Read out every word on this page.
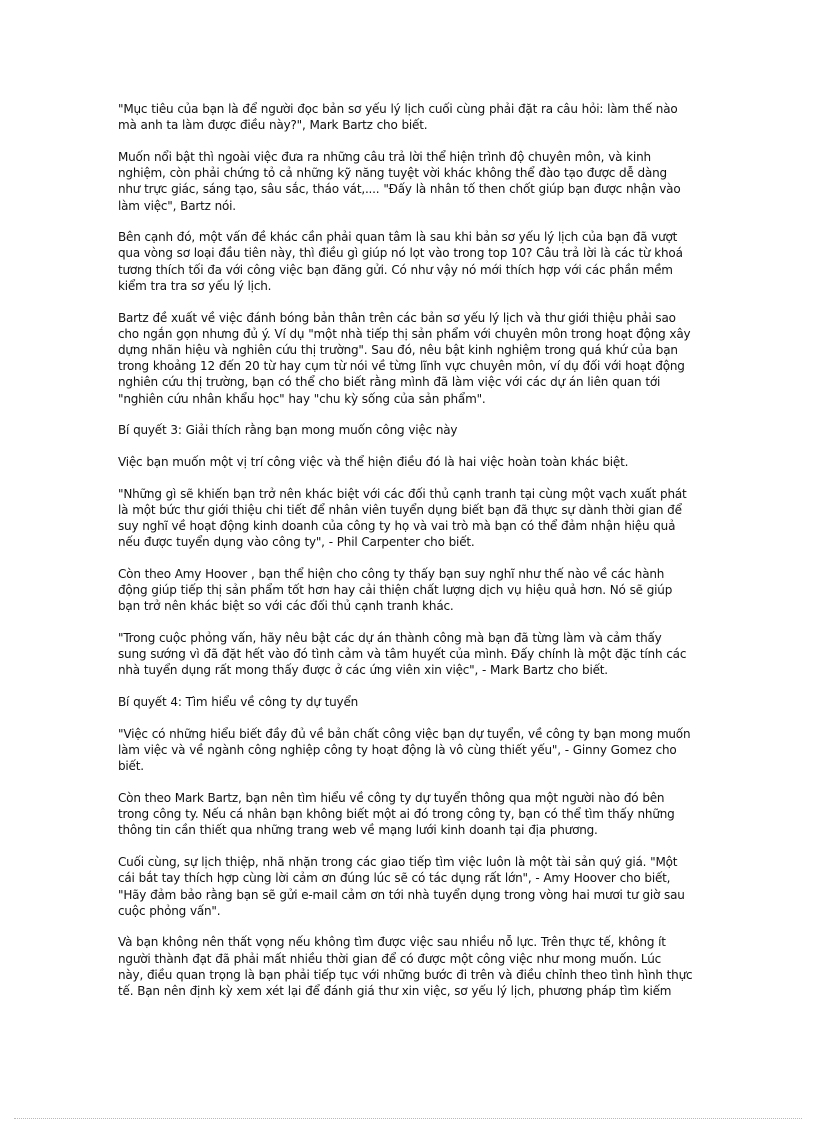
"Mục tiêu của bạn là để người đọc bản sơ yếu lý lịch cuối cùng phải đặt ra câu hỏi: làm thế nào
mà anh ta làm được điều này?", Mark Bartz cho biết.

Muốn nổi bật thì ngoài việc đưa ra những câu trả lời thể hiện trình độ chuyên môn, và kinh
nghiệm, còn phải chứng tỏ cả những kỹ năng tuyệt vời khác không thể đào tạo được dễ dàng
như trực giác, sáng tạo, sâu sắc, tháo vát,.... "Đấy là nhân tố then chốt giúp bạn được nhận vào
làm việc", Bartz nói.

Bên cạnh đó, một vấn đề khác cần phải quan tâm là sau khi bản sơ yếu lý lịch của bạn đã vượt
qua vòng sơ loại đầu tiên này, thì điều gì giúp nó lọt vào trong top 10? Câu trả lời là các từ khoá
tương thích tối đa với công việc bạn đăng gửi. Có như vậy nó mới thích hợp với các phần mềm
kiểm tra tra sơ yếu lý lịch.

Bartz đề xuất về việc đánh bóng bản thân trên các bản sơ yếu lý lịch và thư giới thiệu phải sao
cho ngắn gọn nhưng đủ ý. Ví dụ "một nhà tiếp thị sản phẩm với chuyên môn trong hoạt động xây
dựng nhãn hiệu và nghiên cứu thị trường". Sau đó, nêu bật kinh nghiệm trong quá khứ của bạn
trong khoảng 12 đến 20 từ hay cụm từ nói về từng lĩnh vực chuyên môn, ví dụ đối với hoạt động
nghiên cứu thị trường, bạn có thể cho biết rằng mình đã làm việc với các dự án liên quan tới
"nghiên cứu nhân khẩu học" hay "chu kỳ sống của sản phẩm".

Bí quyết 3: Giải thích rằng bạn mong muốn công việc này

Việc bạn muốn một vị trí công việc và thể hiện điều đó là hai việc hoàn toàn khác biệt.

"Những gì sẽ khiến bạn trở nên khác biệt với các đối thủ cạnh tranh tại cùng một vạch xuất phát
là một bức thư giới thiệu chi tiết để nhân viên tuyển dụng biết bạn đã thực sự dành thời gian để
suy nghĩ về hoạt động kinh doanh của công ty họ và vai trò mà bạn có thể đảm nhận hiệu quả
nếu được tuyển dụng vào công ty", - Phil Carpenter cho biết.

Còn theo Amy Hoover , bạn thể hiện cho công ty thấy bạn suy nghĩ như thế nào về các hành
động giúp tiếp thị sản phẩm tốt hơn hay cải thiện chất lượng dịch vụ hiệu quả hơn. Nó sẽ giúp
bạn trở nên khác biệt so với các đối thủ cạnh tranh khác.

"Trong cuộc phỏng vấn, hãy nêu bật các dự án thành công mà bạn đã từng làm và cảm thấy
sung sướng vì đã đặt hết vào đó tình cảm và tâm huyết của mình. Đấy chính là một đặc tính các
nhà tuyển dụng rất mong thấy được ở các ứng viên xin việc", - Mark Bartz cho biết.

Bí quyết 4: Tìm hiểu về công ty dự tuyển

"Việc có những hiểu biết đầy đủ về bản chất công việc bạn dự tuyển, về công ty bạn mong muốn
làm việc và về ngành công nghiệp công ty hoạt động là vô cùng thiết yếu", - Ginny Gomez cho
biết.

Còn theo Mark Bartz, bạn nên tìm hiểu về công ty dự tuyển thông qua một người nào đó bên
trong công ty. Nếu cá nhân bạn không biết một ai đó trong công ty, bạn có thể tìm thấy những
thông tin cần thiết qua những trang web về mạng lưới kinh doanh tại địa phương.

Cuối cùng, sự lịch thiệp, nhã nhặn trong các giao tiếp tìm việc luôn là một tài sản quý giá. "Một
cái bắt tay thích hợp cùng lời cảm ơn đúng lúc sẽ có tác dụng rất lớn", - Amy Hoover cho biết,
"Hãy đảm bảo rằng bạn sẽ gửi e-mail cảm ơn tới nhà tuyển dụng trong vòng hai mươi tư giờ sau
cuộc phỏng vấn".

Và bạn không nên thất vọng nếu không tìm được việc sau nhiều nỗ lực. Trên thực tế, không ít
người thành đạt đã phải mất nhiều thời gian để có được một công việc như mong muốn. Lúc
này, điều quan trọng là bạn phải tiếp tục với những bước đi trên và điều chỉnh theo tình hình thực
tế. Bạn nên định kỳ xem xét lại để đánh giá thư xin việc, sơ yếu lý lịch, phương pháp tìm kiếm
